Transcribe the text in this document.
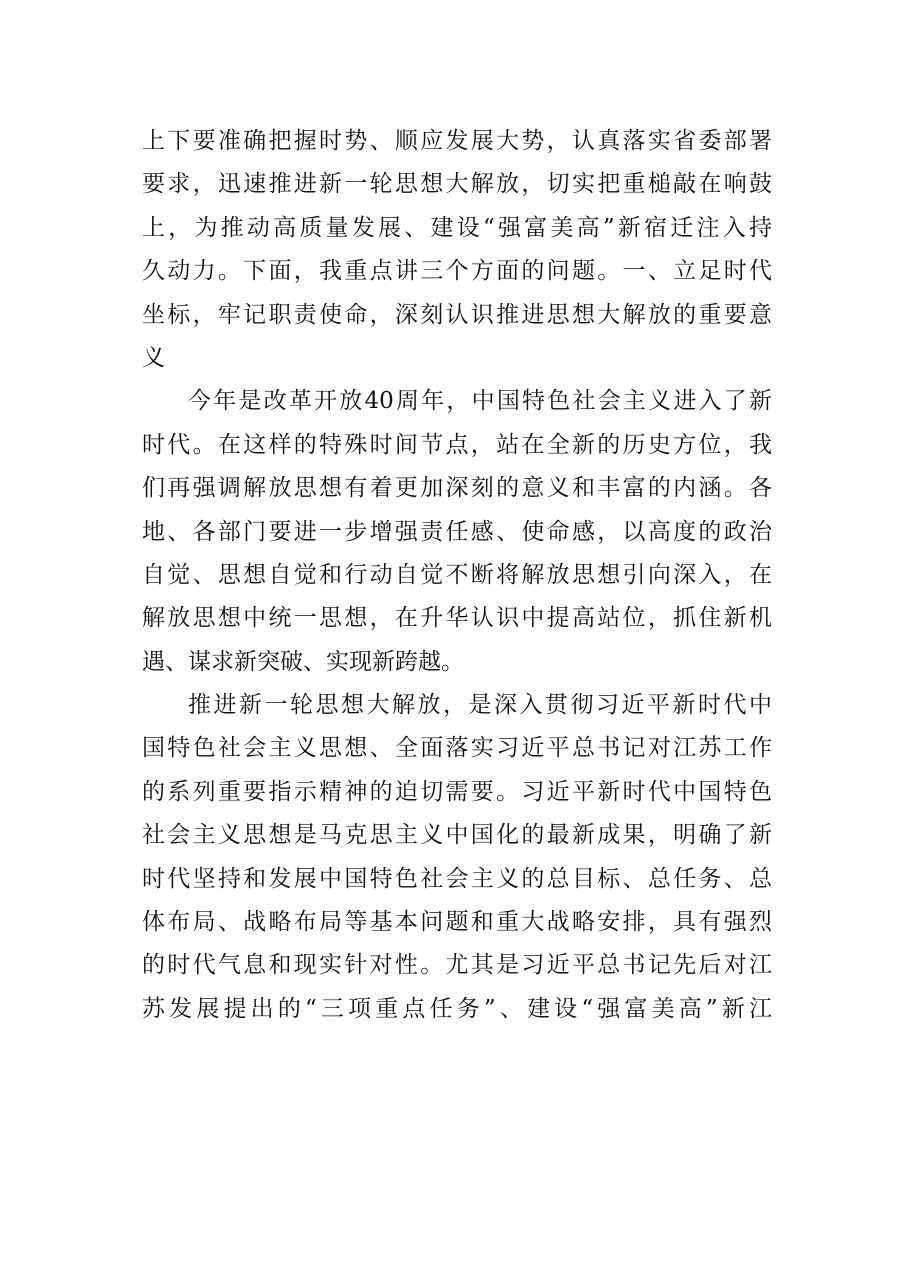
上下要准确把握时势、顺应发展大势，认真落实省委部署
要求，迅速推进新一轮思想大解放，切实把重槌敲在响鼓
上，为推动高质量发展、建设“强富美高”新宿迁注入持
久动力。下面，我重点讲三个方面的问题。一、立足时代
坐标，牢记职责使命，深刻认识推进思想大解放的重要意
义
今年是改革开放40周年，中国特色社会主义进入了新
时代。在这样的特殊时间节点，站在全新的历史方位，我
们再强调解放思想有着更加深刻的意义和丰富的内涵。各
地、各部门要进一步增强责任感、使命感，以高度的政治
自觉、思想自觉和行动自觉不断将解放思想引向深入，在
解放思想中统一思想，在升华认识中提高站位，抓住新机
遇、谋求新突破、实现新跨越。
推进新一轮思想大解放，是深入贯彻习近平新时代中
国特色社会主义思想、全面落实习近平总书记对江苏工作
的系列重要指示精神的迫切需要。习近平新时代中国特色
社会主义思想是马克思主义中国化的最新成果，明确了新
时代坚持和发展中国特色社会主义的总目标、总任务、总
体布局、战略布局等基本问题和重大战略安排，具有强烈
的时代气息和现实针对性。尤其是习近平总书记先后对江
苏发展提出的“三项重点任务”、建设“强富美高”新江
